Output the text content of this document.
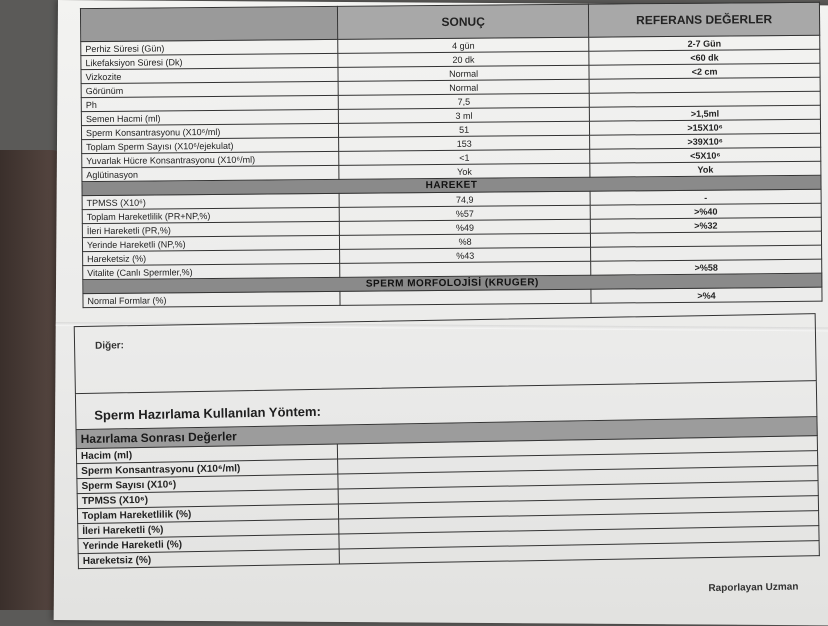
	SONUÇ	REFERANS DEĞERLER
Perhiz Süresi (Gün)	4 gün	2-7 Gün
Likefaksiyon Süresi (Dk)	20 dk	<60 dk
Vizkozite	Normal	<2 cm
Görünüm	Normal	
Ph	7,5	
Semen Hacmi (ml)	3 ml	>1,5ml
Sperm Konsantrasyonu (X10⁶/ml)	51	>15X10⁶
Toplam Sperm Sayısı (X10⁶/ejekulat)	153	>39X10⁶
Yuvarlak Hücre Konsantrasyonu (X10⁶/ml)	<1	<5X10⁶
Aglütinasyon	Yok	Yok
HAREKET		
TPMSS (X10⁶)	74,9	-
Toplam Hareketlilik (PR+NP,%)	%57	>%40
İleri Hareketli (PR,%)	%49	>%32
Yerinde Hareketli (NP,%)	%8	
Hareketsiz (%)	%43	
Vitalite (Canlı Spermler,%)		>%58
SPERM MORFOLOJİSİ (KRUGER)		
Normal Formlar (%)		>%4
Diğer:
Sperm Hazırlama Kullanılan Yöntem:
Hazırlama Sonrası Değerler	
Hacim (ml)	
Sperm Konsantrasyonu (X10⁶/ml)	
Sperm Sayısı (X10⁶)	
TPMSS (X10⁶)	
Toplam Hareketlilik (%)	
İleri Hareketli (%)	
Yerinde Hareketli (%)	
Hareketsiz (%)	
Raporlayan Uzman
